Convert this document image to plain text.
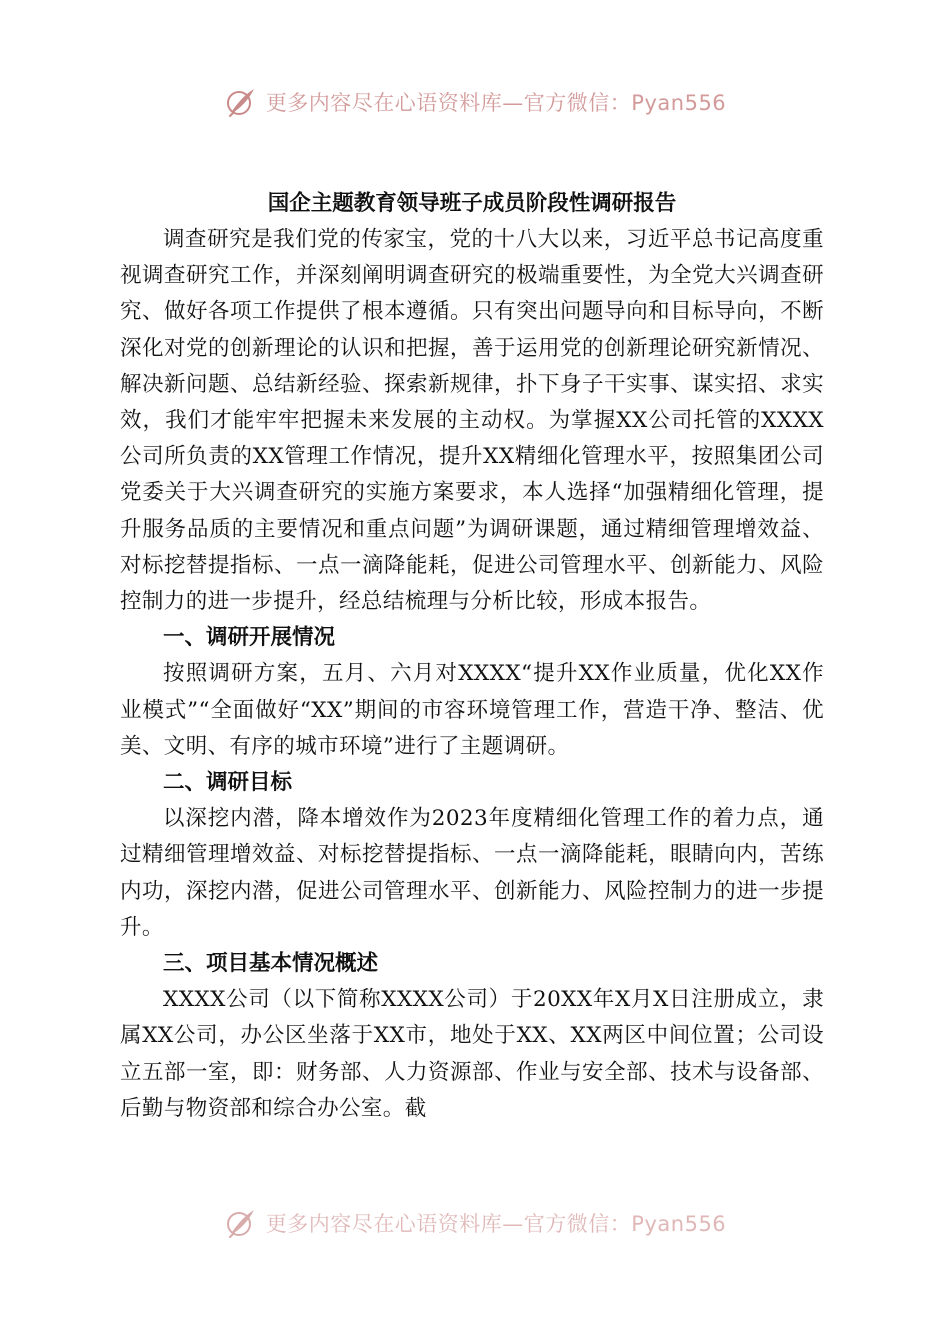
更多内容尽在心语资料库—官方微信：Pyan556
国企主题教育领导班子成员阶段性调研报告

调查研究是我们党的传家宝，党的十八大以来，习近平总书记高度重视调查研究工作，并深刻阐明调查研究的极端重要性，为全党大兴调查研究、做好各项工作提供了根本遵循。只有突出问题导向和目标导向，不断深化对党的创新理论的认识和把握，善于运用党的创新理论研究新情况、解决新问题、总结新经验、探索新规律，扑下身子干实事、谋实招、求实效，我们才能牢牢把握未来发展的主动权。为掌握XX公司托管的XXXX公司所负责的XX管理工作情况，提升XX精细化管理水平，按照集团公司党委关于大兴调查研究的实施方案要求，本人选择“加强精细化管理，提升服务品质的主要情况和重点问题”为调研课题，通过精细管理增效益、对标挖替提指标、一点一滴降能耗，促进公司管理水平、创新能力、风险控制力的进一步提升，经总结梳理与分析比较，形成本报告。

一、调研开展情况

按照调研方案，五月、六月对XXXX“提升XX作业质量，优化XX作业模式”“全面做好“XX”期间的市容环境管理工作，营造干净、整洁、优美、文明、有序的城市环境”进行了主题调研。

二、调研目标

以深挖内潜，降本增效作为2023年度精细化管理工作的着力点，通过精细管理增效益、对标挖替提指标、一点一滴降能耗，眼睛向内，苦练内功，深挖内潜，促进公司管理水平、创新能力、风险控制力的进一步提升。

三、项目基本情况概述

XXXX公司（以下简称XXXX公司）于20XX年X月X日注册成立，隶属XX公司，办公区坐落于XX市，地处于XX、XX两区中间位置；公司设立五部一室，即：财务部、人力资源部、作业与安全部、技术与设备部、后勤与物资部和综合办公室。截

更多内容尽在心语资料库—官方微信：Pyan556
